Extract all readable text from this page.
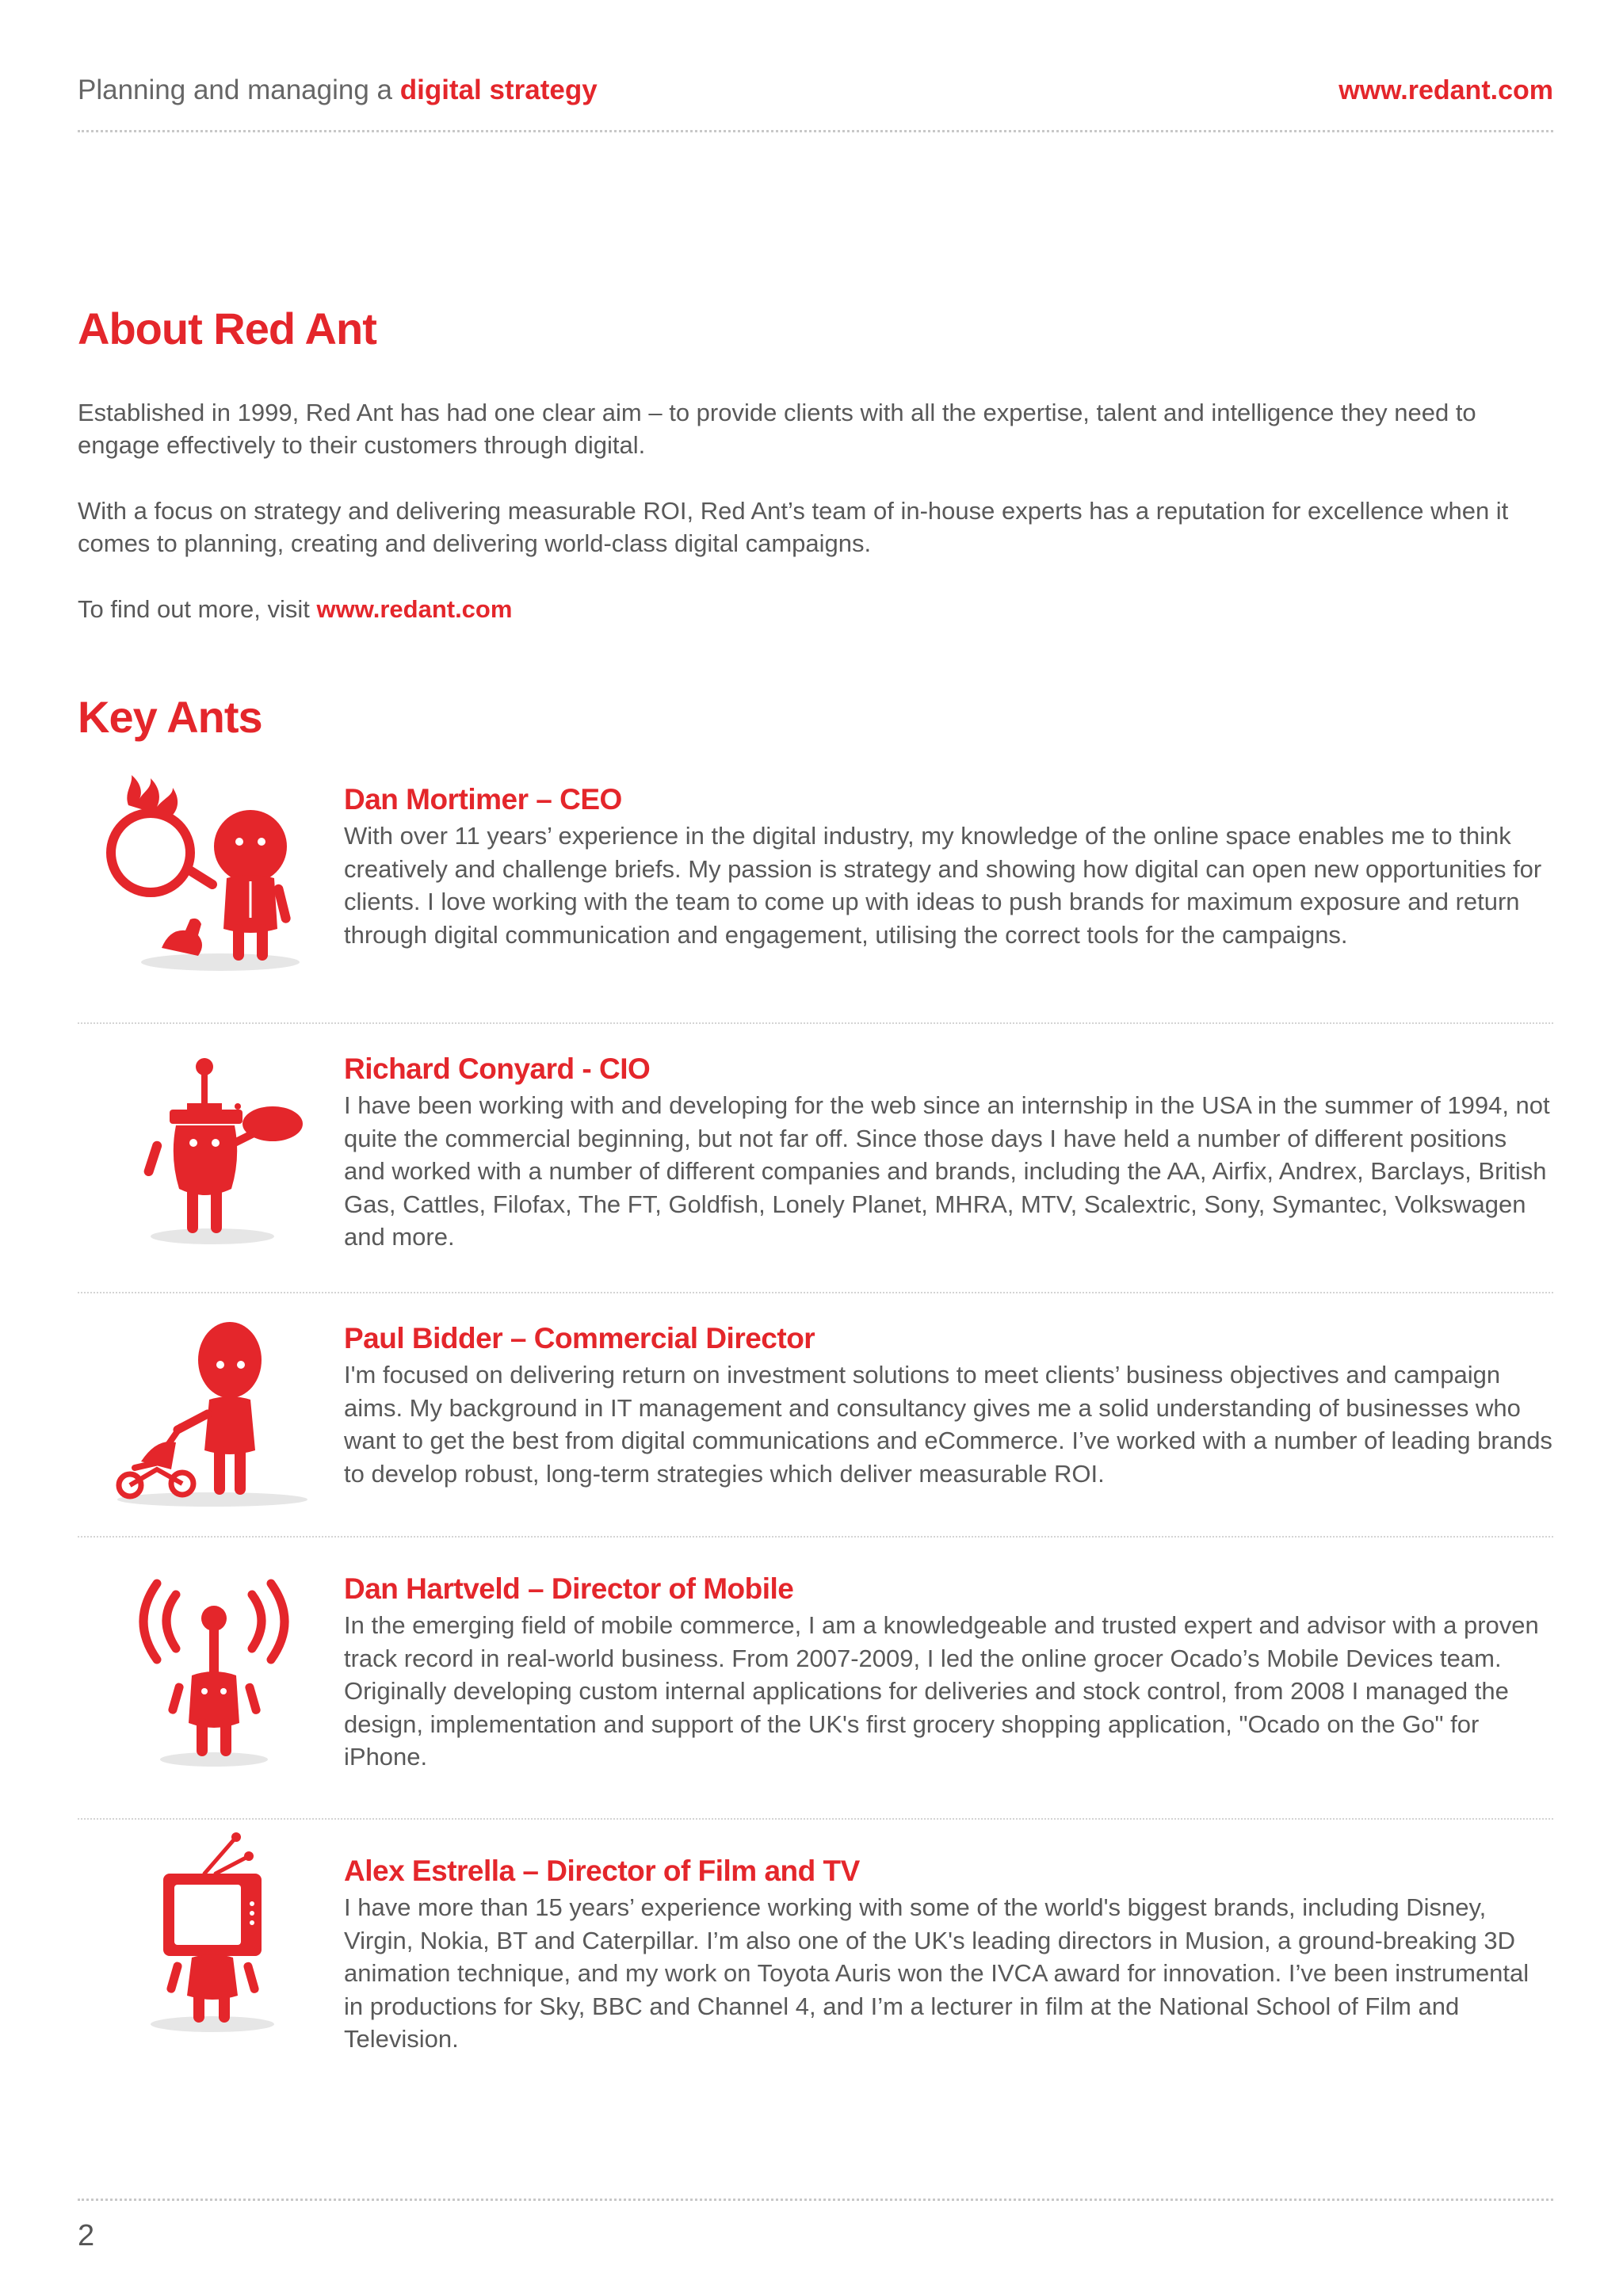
Planning and managing a digital strategy	www.redant.com
About Red Ant

Established in 1999, Red Ant has had one clear aim – to provide clients with all the expertise, talent and intelligence they need to engage effectively to their customers through digital.

With a focus on strategy and delivering measurable ROI, Red Ant’s team of in-house experts has a reputation for excellence when it comes to planning, creating and delivering world-class digital campaigns.

To find out more, visit www.redant.com

Key Ants
Dan Mortimer – CEO

With over 11 years’ experience in the digital industry, my knowledge of the online space enables me to think creatively and challenge briefs. My passion is strategy and showing how digital can open new opportunities for clients. I love working with the team to come up with ideas to push brands for maximum exposure and return through digital communication and engagement, utilising the correct tools for the campaigns.

Richard Conyard - CIO

I have been working with and developing for the web since an internship in the USA in the summer of 1994, not quite the commercial beginning, but not far off. Since those days I have held a number of different positions and worked with a number of different companies and brands, including the AA, Airfix, Andrex, Barclays, British Gas, Cattles, Filofax, The FT, Goldfish, Lonely Planet, MHRA, MTV, Scalextric, Sony, Symantec, Volkswagen and more.

Paul Bidder – Commercial Director

I'm focused on delivering return on investment solutions to meet clients’ business objectives and campaign aims. My background in IT management and consultancy gives me a solid understanding of businesses who want to get the best from digital communications and eCommerce. I’ve worked with a number of leading brands to develop robust, long-term strategies which deliver measurable ROI.

Dan Hartveld – Director of Mobile

In the emerging field of mobile commerce, I am a knowledgeable and trusted expert and advisor with a proven track record in real-world business. From 2007-2009, I led the online grocer Ocado’s Mobile Devices team. Originally developing custom internal applications for deliveries and stock control, from 2008 I managed the design, implementation and support of the UK's first grocery shopping application, "Ocado on the Go" for iPhone.

Alex Estrella – Director of Film and TV

I have more than 15 years’ experience working with some of the world's biggest brands, including Disney, Virgin, Nokia, BT and Caterpillar. I’m also one of the UK's leading directors in Musion, a ground-breaking 3D animation technique, and my work on Toyota Auris won the IVCA award for innovation. I’ve been instrumental in productions for Sky, BBC and Channel 4, and I’m a lecturer in film at the National School of Film and Television.

2
